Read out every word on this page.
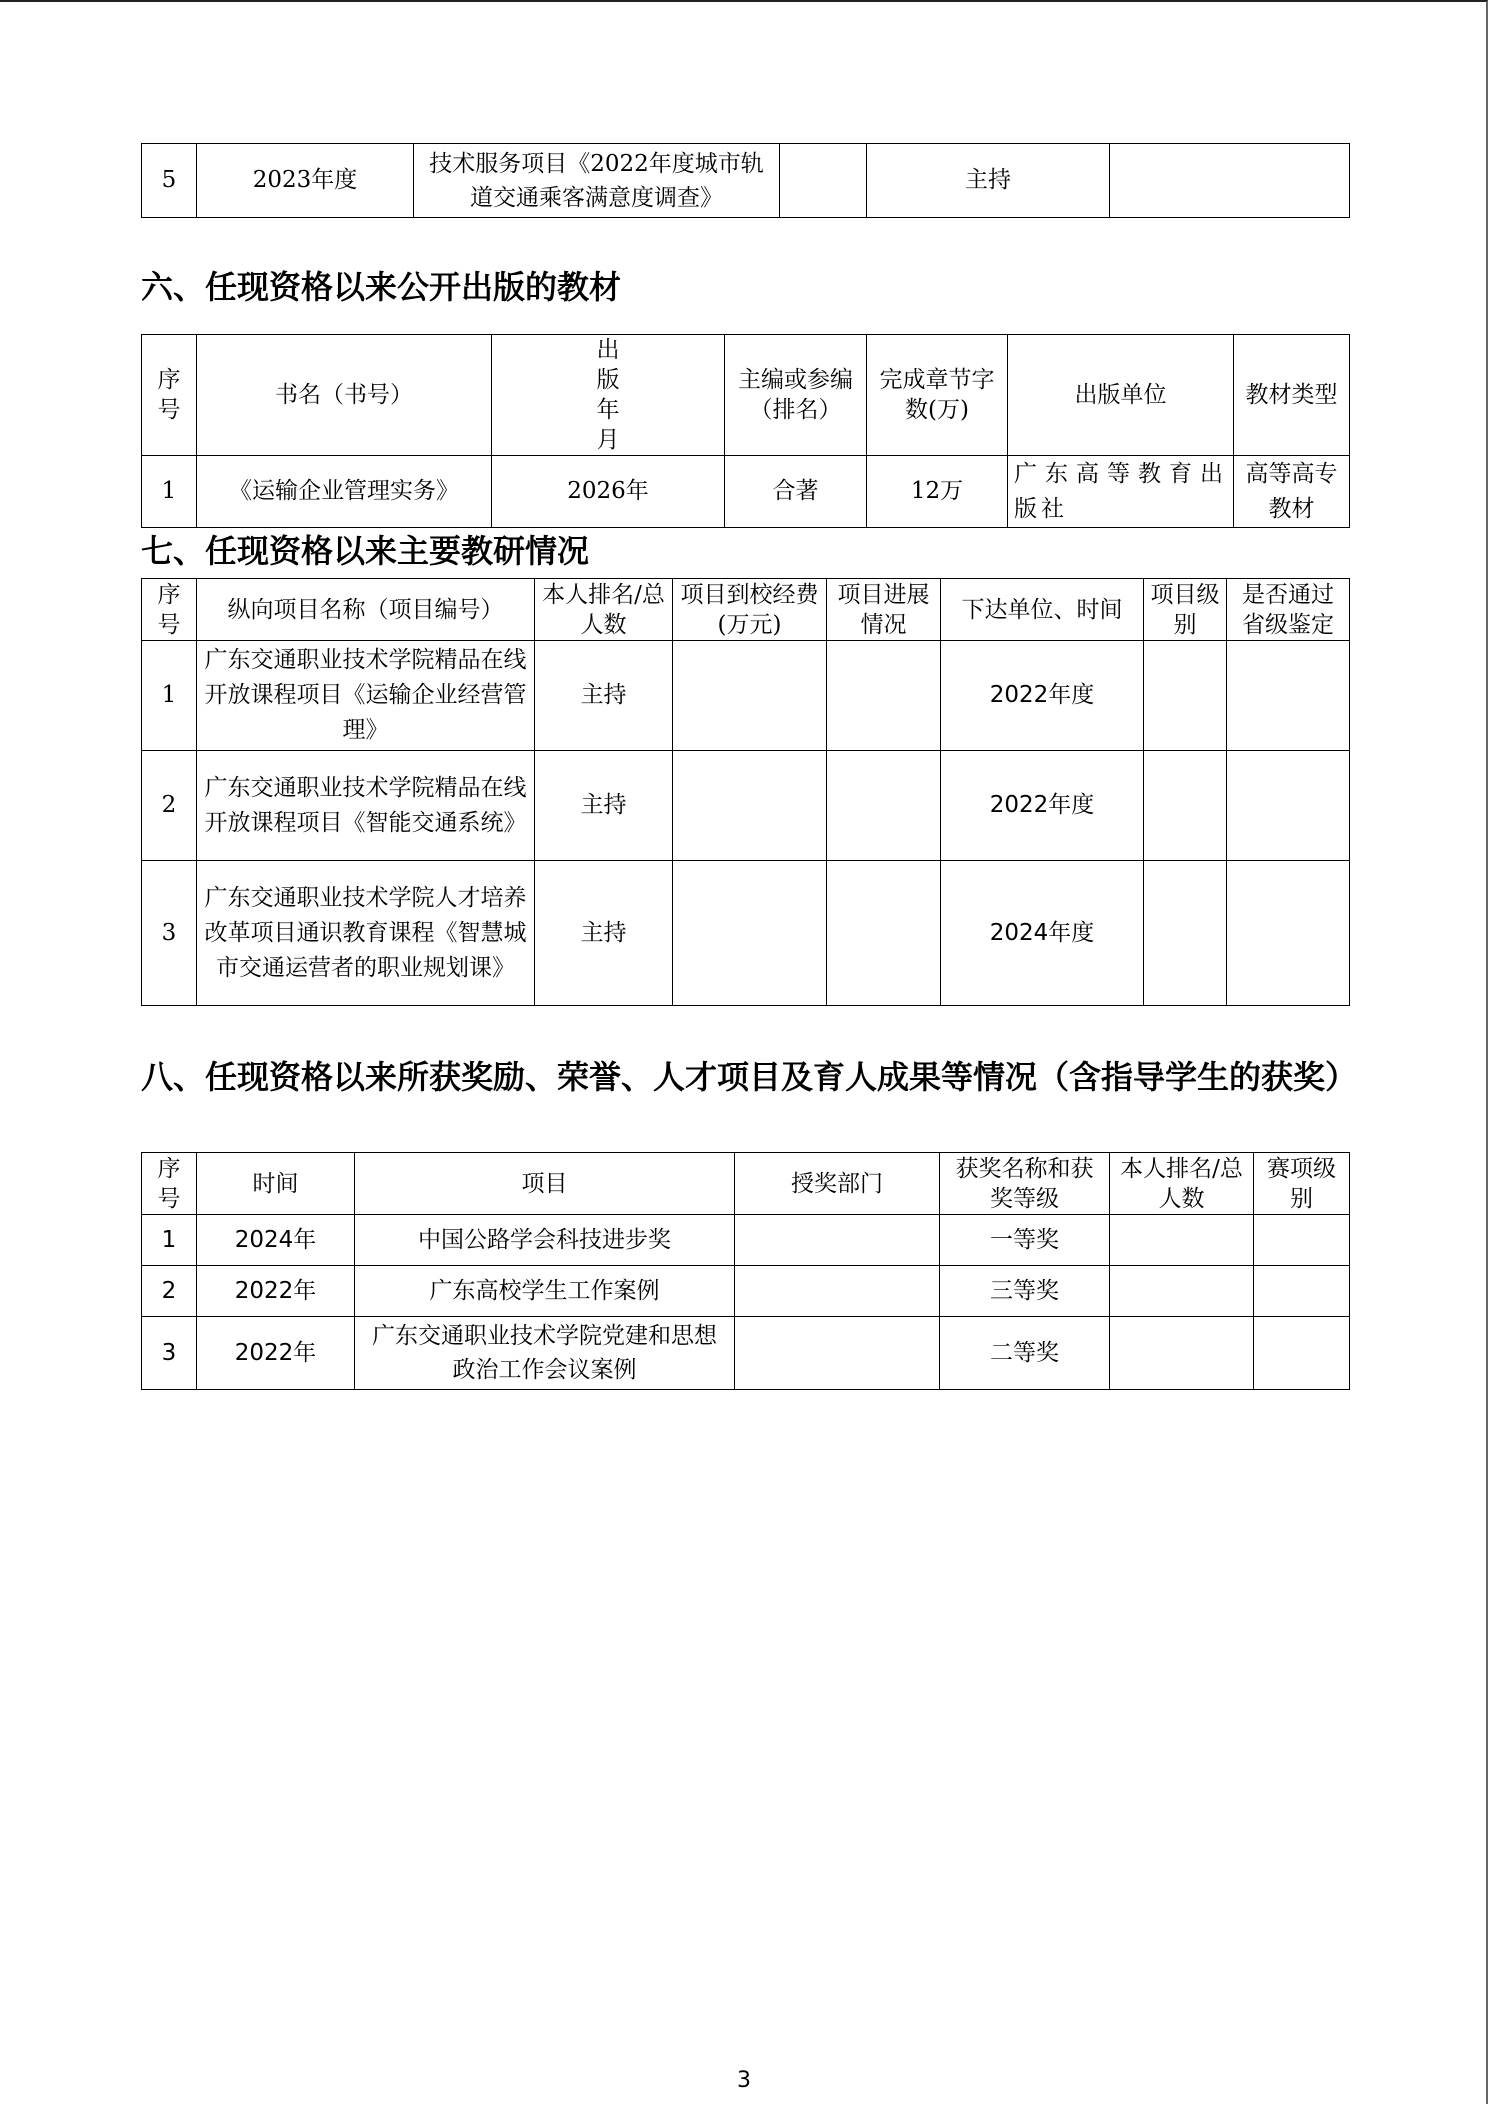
5	2023年度	技术服务项目《2022年度城市轨道交通乘客满意度调查》		主持	
六、任现资格以来公开出版的教材
序号	书名（书号）	出版年月	主编或参编（排名）	完成章节字数(万)	出版单位	教材类型
1	《运输企业管理实务》	2026年	合著	12万	广东高等教育出版社	高等高专教材
七、任现资格以来主要教研情况
序号	纵向项目名称（项目编号）	本人排名/总人数	项目到校经费(万元)	项目进展情况	下达单位、时间	项目级别	是否通过省级鉴定
1	广东交通职业技术学院精品在线开放课程项目《运输企业经营管理》	主持			2022年度		
2	广东交通职业技术学院精品在线开放课程项目《智能交通系统》	主持			2022年度		
3	广东交通职业技术学院人才培养改革项目通识教育课程《智慧城市交通运营者的职业规划课》	主持			2024年度		
八、任现资格以来所获奖励、荣誉、人才项目及育人成果等情况（含指导学生的获奖）
序号	时间	项目	授奖部门	获奖名称和获奖等级	本人排名/总人数	赛项级别
1	2024年	中国公路学会科技进步奖		一等奖		
2	2022年	广东高校学生工作案例		三等奖		
3	2022年	广东交通职业技术学院党建和思想政治工作会议案例		二等奖		
3
